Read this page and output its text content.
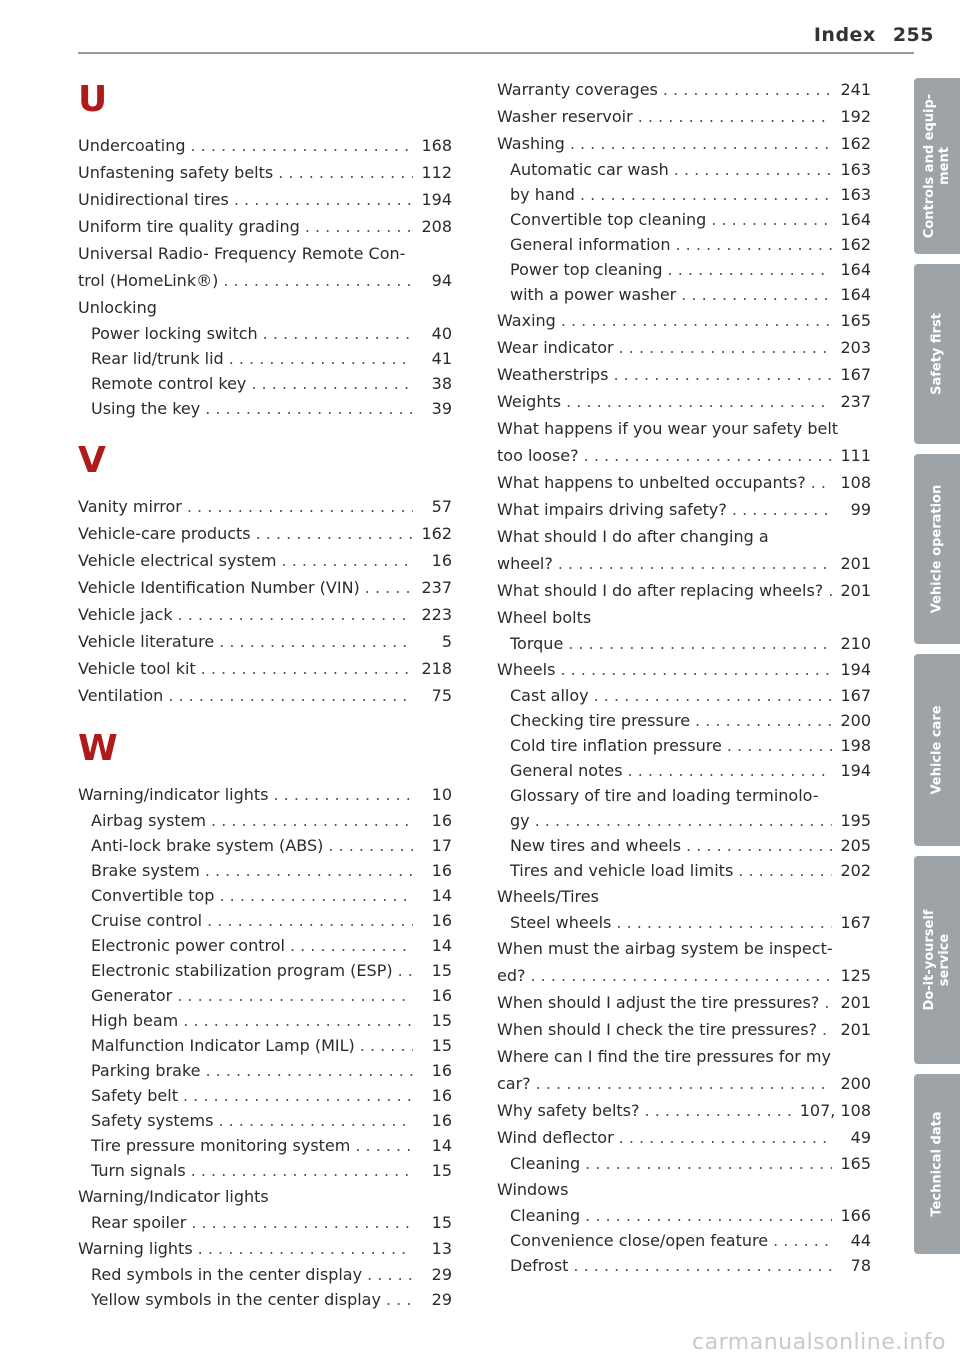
Index 255
U
Undercoating . . .	168
Unfastening safety belts . . .	112
Unidirectional tires . . .	194
Uniform tire quality grading . . .	208
Universal Radio- Frequency Remote Con-
trol (HomeLink®) . . .	94
Unlocking
Power locking switch . . .	40
Rear lid/trunk lid . . .	41
Remote control key . . .	38
Using the key . . .	39
V
Vanity mirror . . .	57
Vehicle-care products . . .	162
Vehicle electrical system . . .	16
Vehicle Identification Number (VIN) . . .	237
Vehicle jack . . .	223
Vehicle literature . . .	5
Vehicle tool kit . . .	218
Ventilation . . .	75
W
Warning/indicator lights . . .	10
Airbag system . . .	16
Anti-lock brake system (ABS) . . .	17
Brake system . . .	16
Convertible top . . .	14
Cruise control . . .	16
Electronic power control . . .	14
Electronic stabilization program (ESP) . . .	15
Generator . . .	16
High beam . . .	15
Malfunction Indicator Lamp (MIL) . . .	15
Parking brake . . .	16
Safety belt . . .	16
Safety systems . . .	16
Tire pressure monitoring system . . .	14
Turn signals . . .	15
Warning/Indicator lights
Rear spoiler . . .	15
Warning lights . . .	13
Red symbols in the center display . . .	29
Yellow symbols in the center display . . .	29
Warranty coverages . . .	241
Washer reservoir . . .	192
Washing . . .	162
Automatic car wash . . .	163
by hand . . .	163
Convertible top cleaning . . .	164
General information . . .	162
Power top cleaning . . .	164
with a power washer . . .	164
Waxing . . .	165
Wear indicator . . .	203
Weatherstrips . . .	167
Weights . . .	237
What happens if you wear your safety belt
too loose? . . .	111
What happens to unbelted occupants? . . . 108
What impairs driving safety? . . .	99
What should I do after changing a
wheel? . . .	201
What should I do after replacing wheels? . . . 201
Wheel bolts
Torque . . .	210
Wheels . . .	194
Cast alloy . . .	167
Checking tire pressure . . .	200
Cold tire inflation pressure . . .	198
General notes . . .	194
Glossary of tire and loading terminolo-
gy . . .	195
New tires and wheels . . .	205
Tires and vehicle load limits . . .	202
Wheels/Tires
Steel wheels . . .	167
When must the airbag system be inspect-
ed? . . .	125
When should I adjust the tire pressures? . . . 201
When should I check the tire pressures? . . . 201
Where can I find the tire pressures for my
car? . . .	200
Why safety belts? . . .	107, 108
Wind deflector . . .	49
Cleaning . . .	165
Windows
Cleaning . . .	166
Convenience close/open feature . . .	44
Defrost . . .	78
Controls and equip-
ment
Safety first
Vehicle operation
Vehicle care
Do-it-yourself
service
Technical data
carmanualsonline.info
